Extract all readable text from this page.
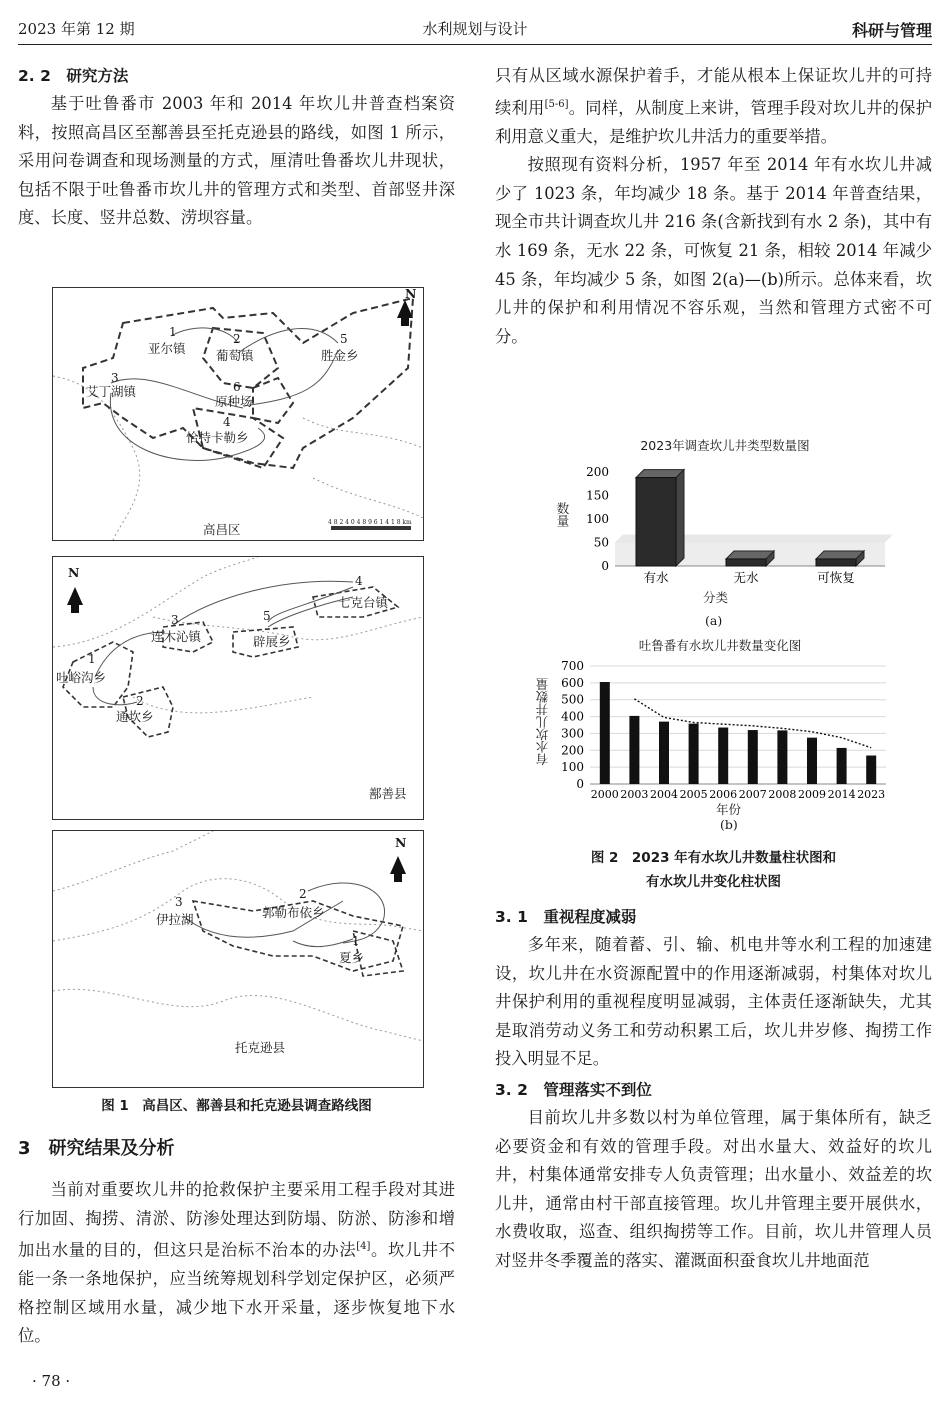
2023 年第 12 期	水利规划与设计	科研与管理
2. 2　研究方法

基于吐鲁番市 2003 年和 2014 年坎儿井普查档案资料，按照高昌区至鄯善县至托克逊县的路线，如图 1 所示，采用问卷调查和现场测量的方式，厘清吐鲁番坎儿井现状，包括不限于吐鲁番市坎儿井的管理方式和类型、首部竖井深度、长度、竖井总数、涝坝容量。

N
1
亚尔镇
2
葡萄镇
5
胜金乡
3
艾丁湖镇	6
原种场
4
恰特卡勒乡
高昌区	4 8 2 4 0 4 8 9 6 1 4 1 8 km
N
4
七克台镇
3
连木沁镇
5
辟展乡
1
吐峪沟乡
2
通坎乡
鄯善县
N
3
伊拉湖
2
郭勒布依乡
1
夏乡
托克逊县
图 1　高昌区、鄯善县和托克逊县调查路线图
3　研究结果及分析

当前对重要坎儿井的抢救保护主要采用工程手段对其进行加固、掏捞、清淤、防渗处理达到防塌、防淤、防渗和增加出水量的目的，但这只是治标不治本的办法[4]。坎儿井不能一条一条地保护，应当统筹规划科学划定保护区，必须严格控制区域用水量，减少地下水开采量，逐步恢复地下水位。

· 78 ·

只有从区域水源保护着手，才能从根本上保证坎儿井的可持续利用[5-6]。同样，从制度上来讲，管理手段对坎儿井的保护利用意义重大，是维护坎儿井活力的重要举措。

按照现有资料分析，1957 年至 2014 年有水坎儿井减少了 1023 条，年均减少 18 条。基于 2014 年普查结果，现全市共计调查坎儿井 216 条(含新找到有水 2 条)，其中有水 169 条，无水 22 条，可恢复 21 条，相较 2014 年减少 45 条，年均减少 5 条，如图 2(a)—(b)所示。总体来看，坎儿井的保护和利用情况不容乐观，当然和管理方式密不可分。

2023年调查坎儿井类型数量图
0
50
100
150
200
有水	无水	可恢复
数量
分类
(a)
吐鲁番有水坎儿井数量变化图
0
100
200
300
400
500
600
700
2000 2003 2004 2005 2006 2007 2008 2009 2014 2023
有水坎儿井数量
年份
(b)
图 2　2023 年有水坎儿井数量柱状图和
有水坎儿井变化柱状图
3. 1　重视程度减弱

多年来，随着蓄、引、输、机电井等水利工程的加速建设，坎儿井在水资源配置中的作用逐渐减弱，村集体对坎儿井保护利用的重视程度明显减弱，主体责任逐渐缺失，尤其是取消劳动义务工和劳动积累工后，坎儿井岁修、掏捞工作投入明显不足。

3. 2　管理落实不到位

目前坎儿井多数以村为单位管理，属于集体所有，缺乏必要资金和有效的管理手段。对出水量大、效益好的坎儿井，村集体通常安排专人负责管理；出水量小、效益差的坎儿井，通常由村干部直接管理。坎儿井管理主要开展供水，水费收取，巡查、组织掏捞等工作。目前，坎儿井管理人员对竖井冬季覆盖的落实、灌溉面积蚕食坎儿井地面范
